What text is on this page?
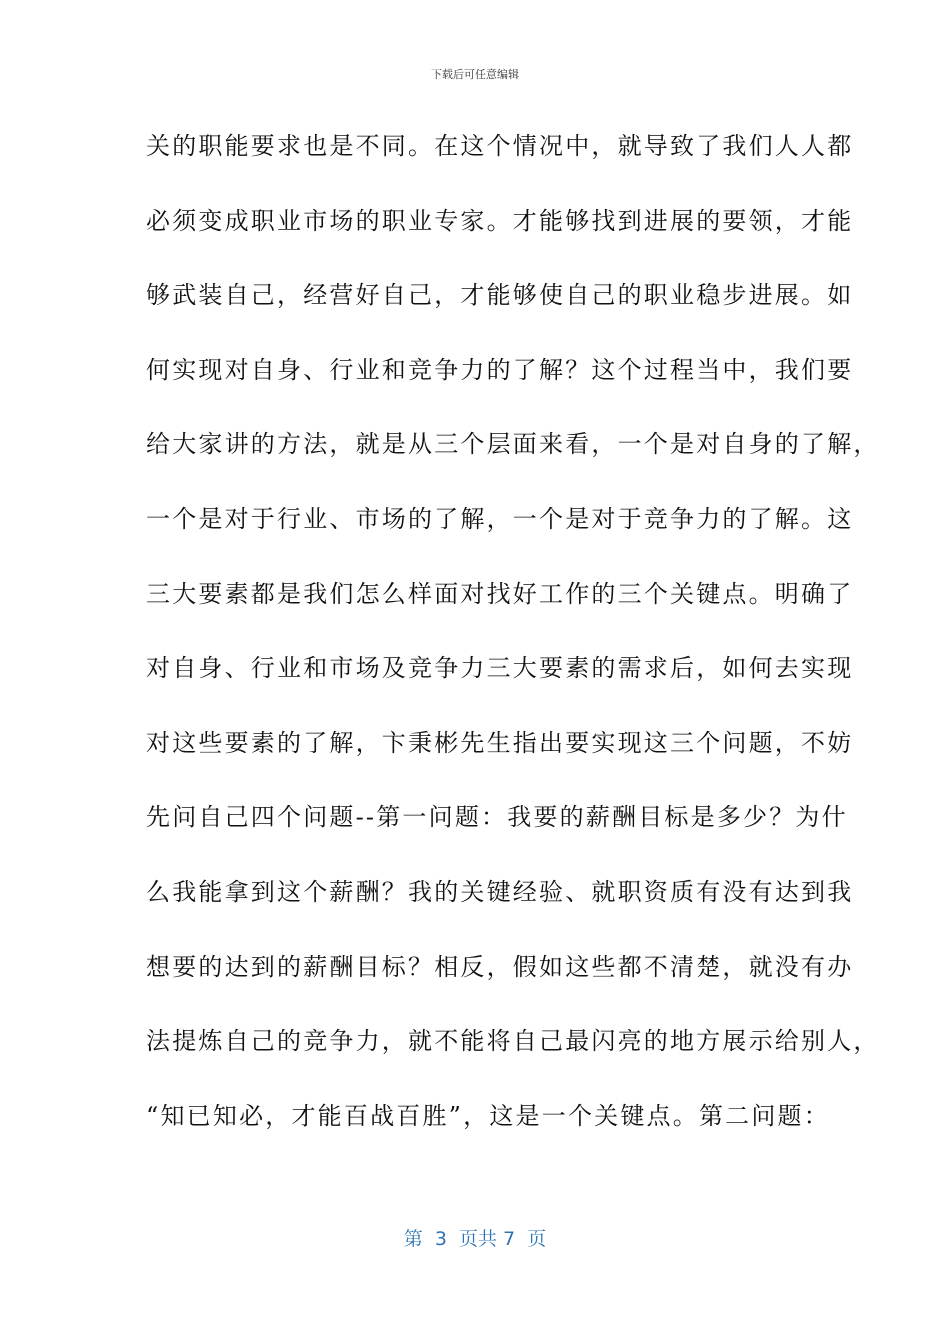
下载后可任意编辑
关的职能要求也是不同。在这个情况中，就导致了我们人人都
必须变成职业市场的职业专家。才能够找到进展的要领，才能
够武装自己，经营好自己，才能够使自己的职业稳步进展。如
何实现对自身、行业和竞争力的了解？这个过程当中，我们要
给大家讲的方法，就是从三个层面来看，一个是对自身的了解，
一个是对于行业、市场的了解，一个是对于竞争力的了解。这
三大要素都是我们怎么样面对找好工作的三个关键点。明确了
对自身、行业和市场及竞争力三大要素的需求后，如何去实现
对这些要素的了解，卞秉彬先生指出要实现这三个问题，不妨
先问自己四个问题--第一问题：我要的薪酬目标是多少？为什
么我能拿到这个薪酬？我的关键经验、就职资质有没有达到我
想要的达到的薪酬目标？相反，假如这些都不清楚，就没有办
法提炼自己的竞争力，就不能将自己最闪亮的地方展示给别人，
“知已知必，才能百战百胜”，这是一个关键点。第二问题：
第  3  页共 7  页
